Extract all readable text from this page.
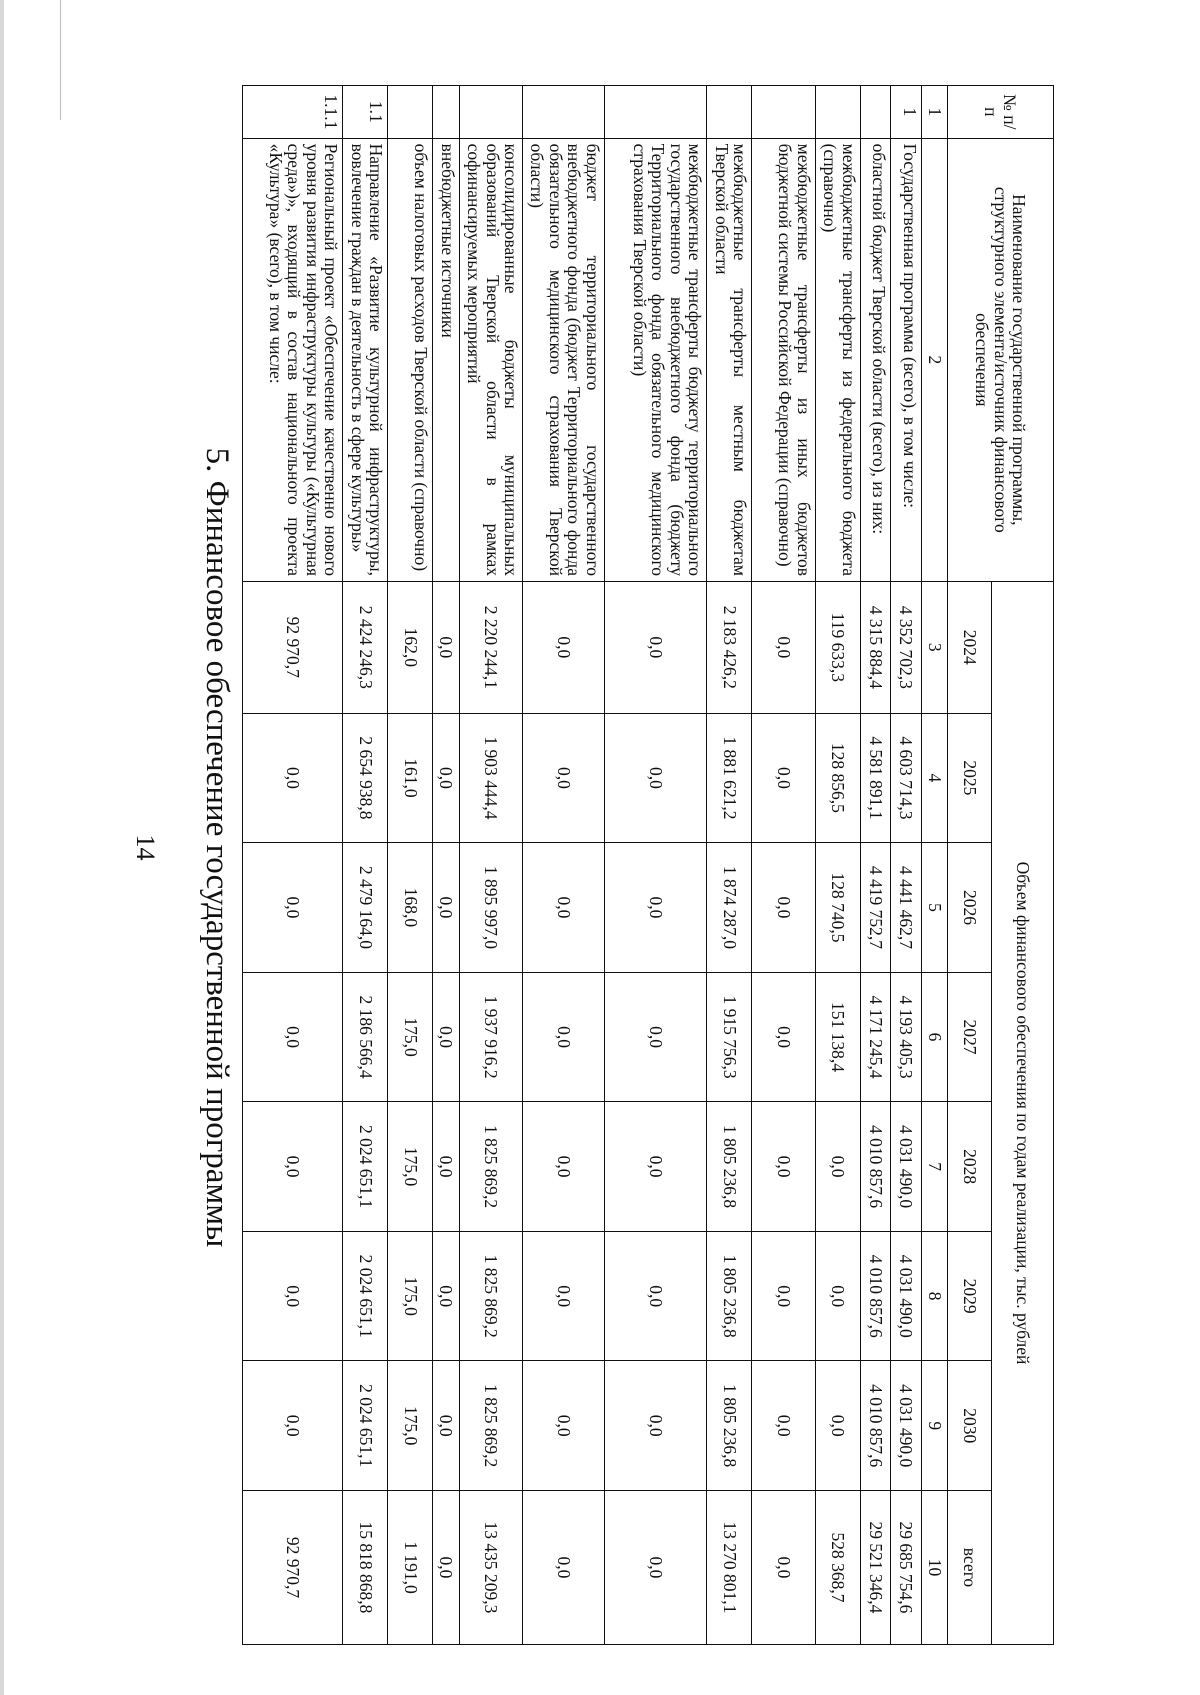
14 5. Финансовое обеспечение государственной программы
№ п/п	Наименование государственной программы, структурного элемента/источник финансового обеспечения	Объем финансового обеспечения по годам реализации, тыс. рублей							
		2024	2025	2026	2027	2028	2029	2030	всего
1	2	3	4	5	6	7	8	9	10
1	Государственная программа (всего), в том числе:	4 352 702,3	4 603 714,3	4 441 462,7	4 193 405,3	4 031 490,0	4 031 490,0	4 031 490,0	29 685 754,6
	областной бюджет Тверской области (всего), из них:	4 315 884,4	4 581 891,1	4 419 752,7	4 171 245,4	4 010 857,6	4 010 857,6	4 010 857,6	29 521 346,4
	межбюджетные трансферты из федерального бюджета (справочно)	119 633,3	128 856,5	128 740,5	151 138,4	0,0	0,0	0,0	528 368,7
	межбюджетные трансферты из иных бюджетов бюджетной системы Российской Федерации (справочно)	0,0	0,0	0,0	0,0	0,0	0,0	0,0	0,0
	межбюджетные трансферты местным бюджетам Тверской области	2 183 426,2	1 881 621,2	1 874 287,0	1 915 756,3	1 805 236,8	1 805 236,8	1 805 236,8	13 270 801,1
	межбюджетные трансферты бюджету территориального государственного внебюджетного фонда (бюджету Территориального фонда обязательного медицинского страхования Тверской области)	0,0	0,0	0,0	0,0	0,0	0,0	0,0	0,0
	бюджет территориального государственного внебюджетного фонда (бюджет Территориального фонда обязательного медицинского страхования Тверской области)	0,0	0,0	0,0	0,0	0,0	0,0	0,0	0,0
	консолидированные бюджеты муниципальных образований Тверской области в рамках софинансируемых мероприятий	2 220 244,1	1 903 444,4	1 895 997,0	1 937 916,2	1 825 869,2	1 825 869,2	1 825 869,2	13 435 209,3
	внебюджетные источники	0,0	0,0	0,0	0,0	0,0	0,0	0,0	0,0
	объем налоговых расходов Тверской области (справочно)	162,0	161,0	168,0	175,0	175,0	175,0	175,0	1 191,0
1.1	Направление «Развитие культурной инфраструктуры, вовлечение граждан в деятельность в сфере культуры»	2 424 246,3	2 654 938,8	2 479 164,0	2 186 566,4	2 024 651,1	2 024 651,1	2 024 651,1	15 818 868,8
1.1.1	Региональный проект «Обеспечение качественно нового уровня развития инфраструктуры культуры («Культурная среда»)», входящий в состав национального проекта «Культура» (всего), в том числе:	92 970,7	0,0	0,0	0,0	0,0	0,0	0,0	92 970,7
